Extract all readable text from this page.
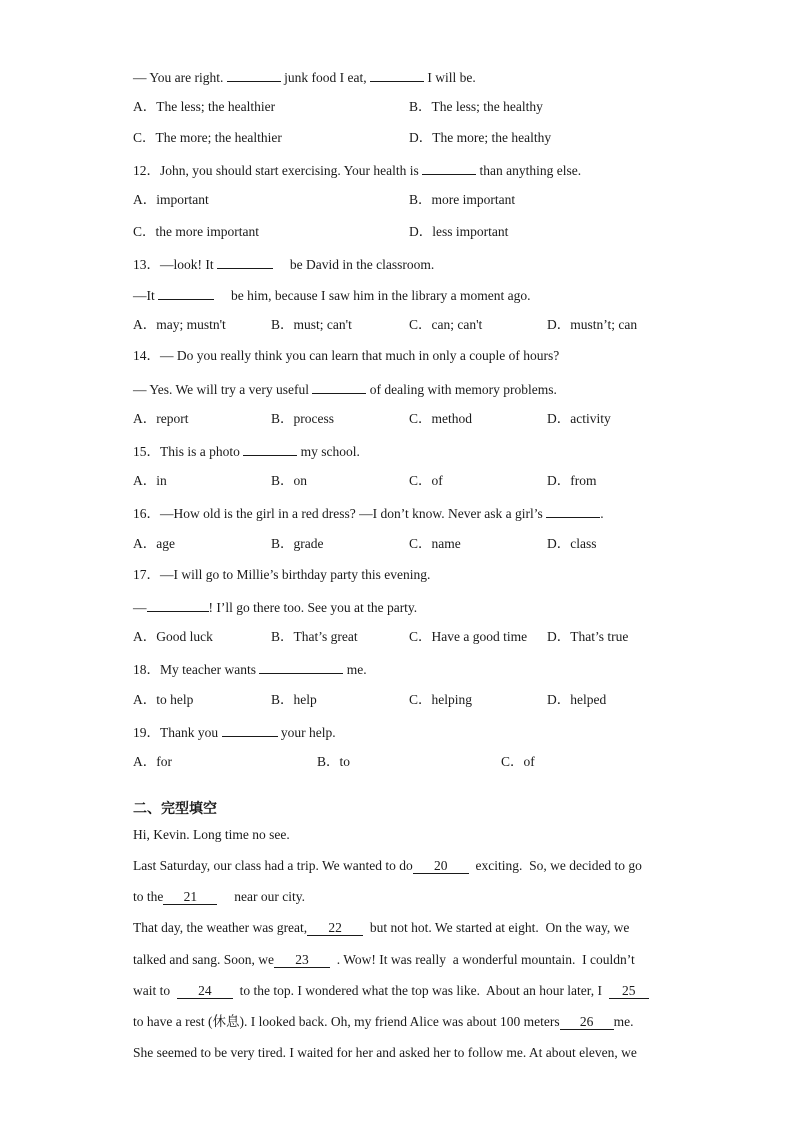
— You are right.	junk food I eat,	I will be.
A．The less; the healthier	B．The less; the healthy
C．The more; the healthier	D．The more; the healthy
12．John, you should start exercising. Your health is	than anything else.
A．important	B．more important
C．the more important	D．less important
13．—look! It	be David in the classroom.
—It	be him, because I saw him in the library a moment ago.
A．may; mustn't	B．must; can't	C．can; can't	D．mustn’t; can
14．— Do you really think you can learn that much in only a couple of hours?
— Yes. We will try a very useful	of dealing with memory problems.
A．report	B．process	C．method	D．activity
15．This is a photo	my school.
A．in	B．on	C．of	D．from
16．—How old is the girl in a red dress? —I don’t know. Never ask a girl’s	.
A．age	B．grade	C．name	D．class
17．—I will go to Millie’s birthday party this evening.
—	! I’ll go there too. See you at the party.
A．Good luck	B．That’s great	C．Have a good time D．That’s true
18．My teacher wants	me.
A．to help	B．help	C．helping	D．helped
19．Thank you	your help.
A．for	B．to	C．of
二、完型填空
Hi, Kevin. Long time no see.
Last Saturday, our class had a trip. We wanted to do 20  exciting.  So, we decided to go
to the 21     near our city.
That day, the weather was great, 22  but not hot. We started at eight.  On the way, we
talked and sang. Soon, we 23  . Wow! It was really  a wonderful mountain.  I couldn’t
wait to  24  to the top. I wondered what the top was like.  About an hour later, I  25
to have a rest (休息). I looked back. Oh, my friend Alice was about 100 meters 26 me.
She seemed to be very tired. I waited for her and asked her to follow me. At about eleven, we
